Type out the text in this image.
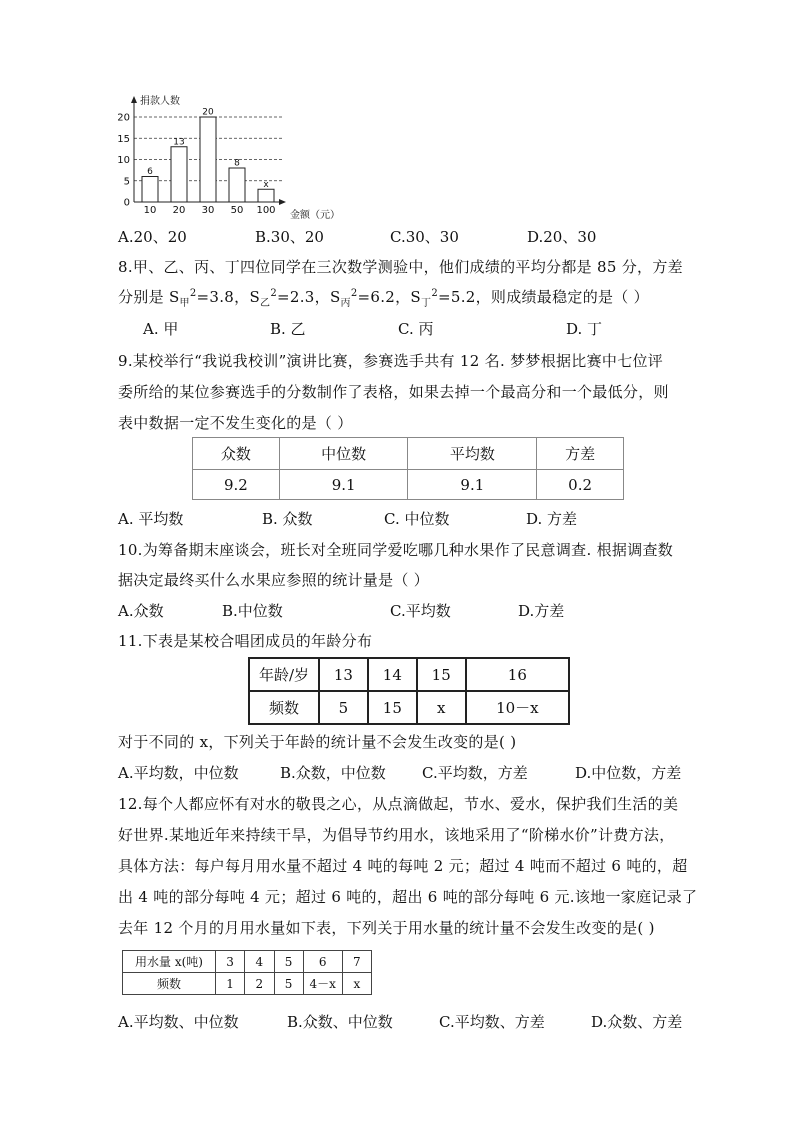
6
13
20
8
x
捐款人数
金额（元）
0
5
10
15
20
10 20 30 50 100
A.20、20	B.30、20	C.30、30	D.20、30
8.甲、乙、丙、丁四位同学在三次数学测验中，他们成绩的平均分都是 85 分，方差
分别是 $S_甲^2=3.8$，$S_乙^2=2.3$，$S_丙^2=6.2$，$S_丁^2=5.2$，则成绩最稳定的是（ ）
A. 甲	B. 乙	C. 丙	D. 丁
9.某校举行“我说我校训”演讲比赛，参赛选手共有 12 名. 梦梦根据比赛中七位评
委所给的某位参赛选手的分数制作了表格，如果去掉一个最高分和一个最低分，则
表中数据一定不发生变化的是（ ）
众数	中位数	平均数	方差
9.2	9.1	9.1	0.2
A. 平均数	B. 众数	C. 中位数	D. 方差
10.为筹备期末座谈会，班长对全班同学爱吃哪几种水果作了民意调查. 根据调查数
据决定最终买什么水果应参照的统计量是（ ）
A.众数	B.中位数	C.平均数	D.方差
11.下表是某校合唱团成员的年龄分布
年龄/岁	13	14	15	16
频数	5	15	x	10－x
对于不同的 x，下列关于年龄的统计量不会发生改变的是( )
A.平均数，中位数	B.众数，中位数 C.平均数，方差	D.中位数，方差
12.每个人都应怀有对水的敬畏之心，从点滴做起，节水、爱水，保护我们生活的美
好世界.某地近年来持续干旱，为倡导节约用水，该地采用了“阶梯水价”计费方法，
具体方法：每户每月用水量不超过 4 吨的每吨 2 元；超过 4 吨而不超过 6 吨的，超
出 4 吨的部分每吨 4 元；超过 6 吨的，超出 6 吨的部分每吨 6 元.该地一家庭记录了
去年 12 个月的月用水量如下表，下列关于用水量的统计量不会发生改变的是( )
用水量 x(吨)	3	4	5	6	7
频数	1	2	5	4－x	x
A.平均数、中位数	B.众数、中位数	C.平均数、方差	D.众数、方差
